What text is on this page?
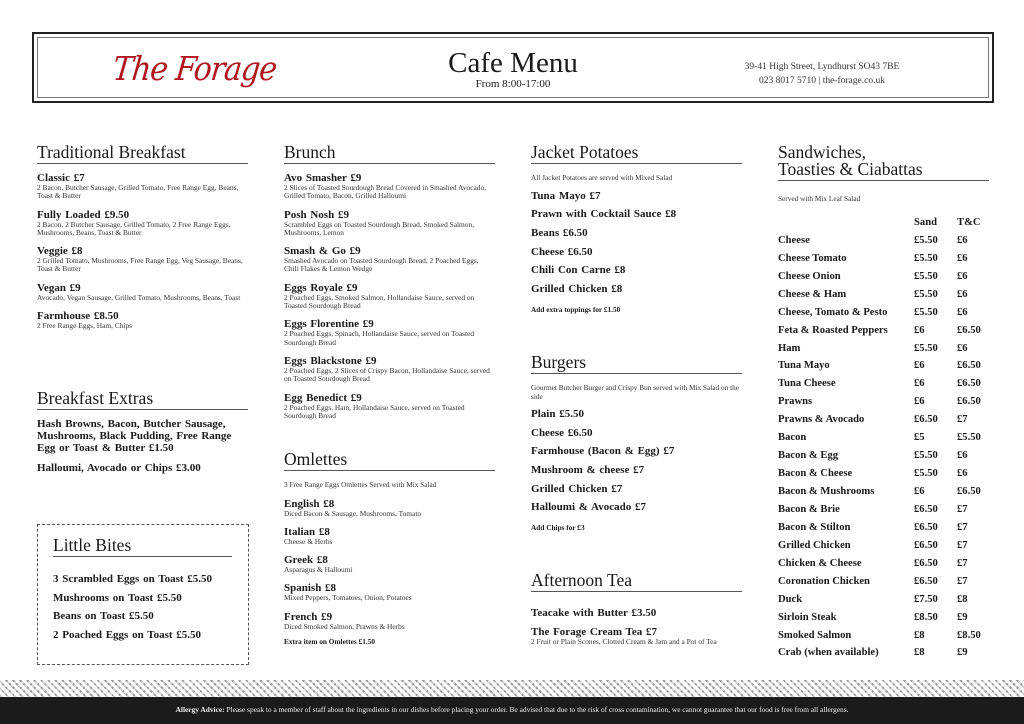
The Forage	Cafe Menu
From 8:00-17:00
39-41 High Street, Lyndhurst SO43 7BE
023 8017 5710 | the-forage.co.uk
Traditional Breakfast
Classic £7
2 Bacon, Butcher Sausage, Grilled Tomato, Free Range Egg, Beans, Toast & Butter
Fully Loaded £9.50
2 Bacon, 2 Butcher Sausage, Grilled Tomato, 2 Free Range Eggs, Mushrooms, Beans, Toast & Butter
Veggie £8
2 Grilled Tomato, Mushrooms, Free Range Egg, Veg Sausage, Beans, Toast & Butter
Vegan £9
Avocado, Vegan Sausage, Grilled Tomato, Mushrooms, Beans, Toast
Farmhouse £8.50
2 Free Range Eggs, Ham, Chips
Breakfast Extras
Hash Browns, Bacon, Butcher Sausage, Mushrooms, Black Pudding, Free Range Egg or Toast & Butter £1.50
Halloumi, Avocado or Chips £3.00
Little Bites
3 Scrambled Eggs on Toast £5.50
Mushrooms on Toast £5.50
Beans on Toast £5.50
2 Poached Eggs on Toast £5.50
Brunch
Avo Smasher £9
2 Slices of Toasted Sourdough Bread Covered in Smashed Avocado, Grilled Tomato, Bacon, Grilled Halloumi
Posh Nosh £9
Scrambled Eggs on Toasted Sourdough Bread, Smoked Salmon, Mushrooms, Lemon
Smash & Go £9
Smashed Avocado on Toasted Sourdough Bread, 2 Poached Eggs, Chili Flakes & Lemon Wedge
Eggs Royale £9
2 Poached Eggs, Smoked Salmon, Hollandaise Sauce, served on Toasted Sourdough Bread
Eggs Florentine £9
2 Poached Eggs, Spinach, Hollandaise Sauce, served on Toasted Sourdough Bread
Eggs Blackstone £9
2 Poached Eggs, 2 Slices of Crispy Bacon, Hollandaise Sauce, served on Toasted Sourdough Bread
Egg Benedict £9
2 Poached Eggs, Ham, Hollandaise Sauce, served on Toasted Sourdough Bread
Omlettes
3 Free Range Eggs Omlettes Served with Mix Salad
English £8
Diced Bacon & Sausage, Mushrooms, Tomato
Italian £8
Cheese & Herbs
Greek £8
Asparagus & Halloumi
Spanish £8
Mixed Peppers, Tomatoes, Onion, Potatoes
French £9
Diced Smoked Salmon, Prawns & Herbs
Extra item on Omlettes £1.50
Jacket Potatoes
All Jacket Potatoes are served with Mixed Salad
Tuna Mayo £7
Prawn with Cocktail Sauce £8
Beans £6.50
Cheese £6.50
Chili Con Carne £8
Grilled Chicken £8
Add extra toppings for £1.50
Burgers
Gourmet Butcher Burger and Crispy Bun served with Mix Salad on the side
Plain £5.50
Cheese £6.50
Farmhouse (Bacon & Egg) £7
Mushroom & cheese £7
Grilled Chicken £7
Halloumi & Avocado £7
Add Chips for £3
Afternoon Tea
Teacake with Butter £3.50
The Forage Cream Tea £7
2 Fruit or Plain Scones, Clotted Cream & Jam and a Pot of Tea
Sandwiches,
Toasties & Ciabattas
Served with Mix Leaf Salad
	Sand	T&C
Cheese	£5.50	£6
Cheese Tomato	£5.50	£6
Cheese Onion	£5.50	£6
Cheese & Ham	£5.50	£6
Cheese, Tomato & Pesto	£5.50	£6
Feta & Roasted Peppers	£6	£6.50
Ham	£5.50	£6
Tuna Mayo	£6	£6.50
Tuna Cheese	£6	£6.50
Prawns	£6	£6.50
Prawns & Avocado	£6.50	£7
Bacon	£5	£5.50
Bacon & Egg	£5.50	£6
Bacon & Cheese	£5.50	£6
Bacon & Mushrooms	£6	£6.50
Bacon & Brie	£6.50	£7
Bacon & Stilton	£6.50	£7
Grilled Chicken	£6.50	£7
Chicken & Cheese	£6.50	£7
Coronation Chicken	£6.50	£7
Duck	£7.50	£8
Sirloin Steak	£8.50	£9
Smoked Salmon	£8	£8.50
Crab (when available)	£8	£9
Allergy Advice: Please speak to a member of staff about the ingredients in our dishes before placing your order. Be advised that due to the risk of cross contamination, we cannot guarantee that our food is free from all allergens.
